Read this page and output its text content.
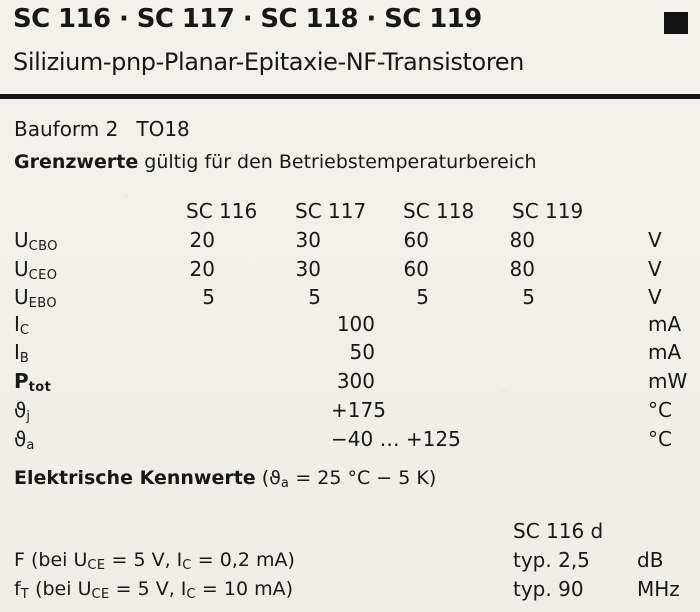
SC 116 · SC 117 · SC 118 · SC 119
Silizium-pnp-Planar-Epitaxie-NF-Transistoren
Bauform 2 TO18
Grenzwerte gültig für den Betriebstemperaturbereich
SC 116 SC 117 SC 118 SC 119
$U_{CBO}$	20	30	60	80	V
$U_{CEO}$	20	30	60	80	V
$U_{EBO}$	5	5	5	5	V
$I_C$	100	mA
$I_B$	50	mA
$P_{tot}$	300	mW
$ϑ_j$	+175	°C
$ϑ_a$	−40 … +125	°C
Elektrische Kennwerte ($ϑ_a = 25$ °C − 5 K)
SC 116 d
F (bei $U_{CE} = 5$ V, $I_C = 0,2$ mA)	typ. 2,5 dB
$f_T$ (bei $U_{CE} = 5$ V, $I_C = 10$ mA)	typ. 90	MHz
